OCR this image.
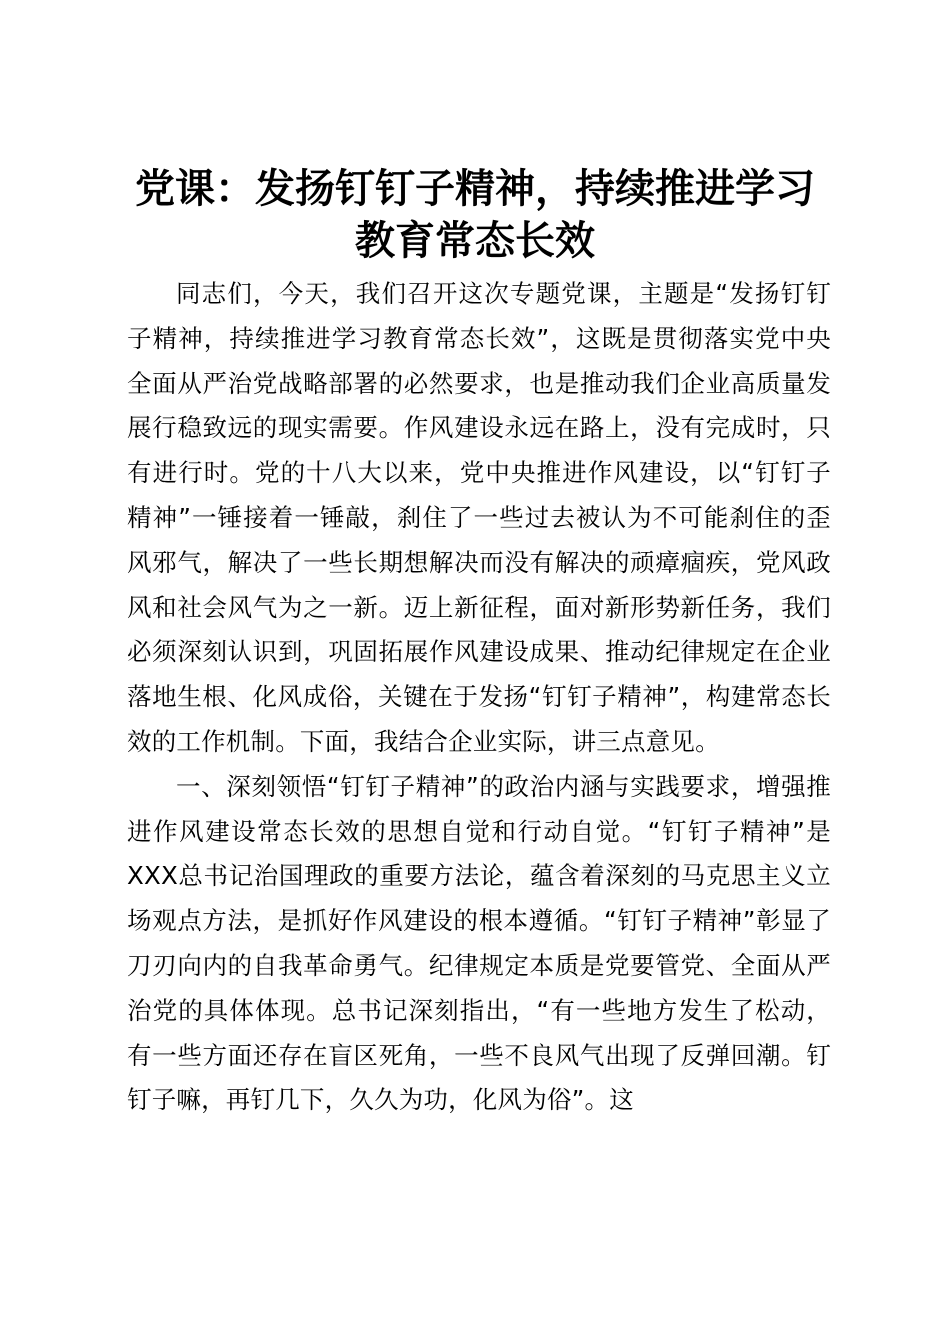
党课：发扬钉钉子精神，持续推进学习教育常态长效

同志们，今天，我们召开这次专题党课，主题是“发扬钉钉子精神，持续推进学习教育常态长效”，这既是贯彻落实党中央全面从严治党战略部署的必然要求，也是推动我们企业高质量发展行稳致远的现实需要。作风建设永远在路上，没有完成时，只有进行时。党的十八大以来，党中央推进作风建设，以“钉钉子精神”一锤接着一锤敲，刹住了一些过去被认为不可能刹住的歪风邪气，解决了一些长期想解决而没有解决的顽瘴痼疾，党风政风和社会风气为之一新。迈上新征程，面对新形势新任务，我们必须深刻认识到，巩固拓展作风建设成果、推动纪律规定在企业落地生根、化风成俗，关键在于发扬“钉钉子精神”，构建常态长效的工作机制。下面，我结合企业实际，讲三点意见。

一、深刻领悟“钉钉子精神”的政治内涵与实践要求，增强推进作风建设常态长效的思想自觉和行动自觉。“钉钉子精神”是XXX总书记治国理政的重要方法论，蕴含着深刻的马克思主义立场观点方法，是抓好作风建设的根本遵循。“钉钉子精神”彰显了刀刃向内的自我革命勇气。纪律规定本质是党要管党、全面从严治党的具体体现。总书记深刻指出，“有一些地方发生了松动，有一些方面还存在盲区死角，一些不良风气出现了反弹回潮。钉钉子嘛，再钉几下，久久为功，化风为俗”。这
